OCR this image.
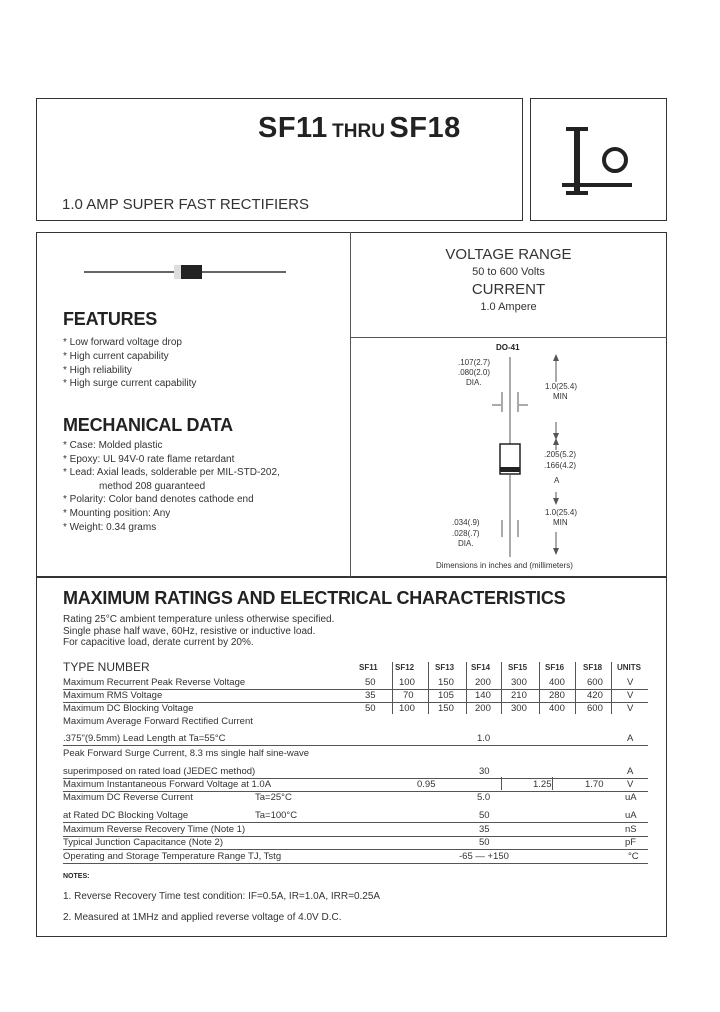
SF11 THRU SF18
1.0 AMP SUPER FAST RECTIFIERS
FEATURES
* Low forward voltage drop
* High current capability
* High reliability
* High surge current capability
MECHANICAL DATA
* Case: Molded plastic
* Epoxy: UL 94V-0 rate flame retardant
* Lead: Axial leads, solderable per MIL-STD-202,
method 208 guaranteed
* Polarity: Color band denotes cathode end
* Mounting position: Any
* Weight: 0.34 grams
VOLTAGE RANGE
50 to 600 Volts
CURRENT
1.0 Ampere
DO-41
.107(2.7)
.080(2.0)
DIA.	1.0(25.4)
MIN
.205(5.2)
.166(4.2)
A
1.0(25.4)
MIN
.034(.9)
.028(.7)
DIA.
Dimensions in inches and (millimeters)
MAXIMUM RATINGS AND ELECTRICAL CHARACTERISTICS
Rating 25°C ambient temperature unless otherwise specified.
Single phase half wave, 60Hz, resistive or inductive load.
For capacitive load, derate current by 20%.
TYPE NUMBER	SF11 SF12	SF13 SF14 SF15 SF16 SF18 UNITS
Maximum Recurrent Peak Reverse Voltage	50 100 150 200 300 400 600	V
Maximum RMS Voltage	35	70	105 140 210 280 420	V
Maximum DC Blocking Voltage	50 100 150 200 300 400 600	V
Maximum Average Forward Rectified Current
.375"(9.5mm) Lead Length at Ta=55°C	1.0	A
Peak Forward Surge Current, 8.3 ms single half sine-wave
superimposed on rated load (JEDEC method)	30	A
Maximum Instantaneous Forward Voltage at 1.0A	0.95	1.25	1.70 V
Maximum DC Reverse Current	Ta=25°C	5.0	uA
at Rated DC Blocking Voltage	Ta=100°C	50	uA
Maximum Reverse Recovery Time (Note 1)	35	nS
Typical Junction Capacitance (Note 2)	50	pF
Operating and Storage Temperature Range TJ, Tstg	-65 — +150	°C
NOTES:
1. Reverse Recovery Time test condition: IF=0.5A, IR=1.0A, IRR=0.25A
2. Measured at 1MHz and applied reverse voltage of 4.0V D.C.
